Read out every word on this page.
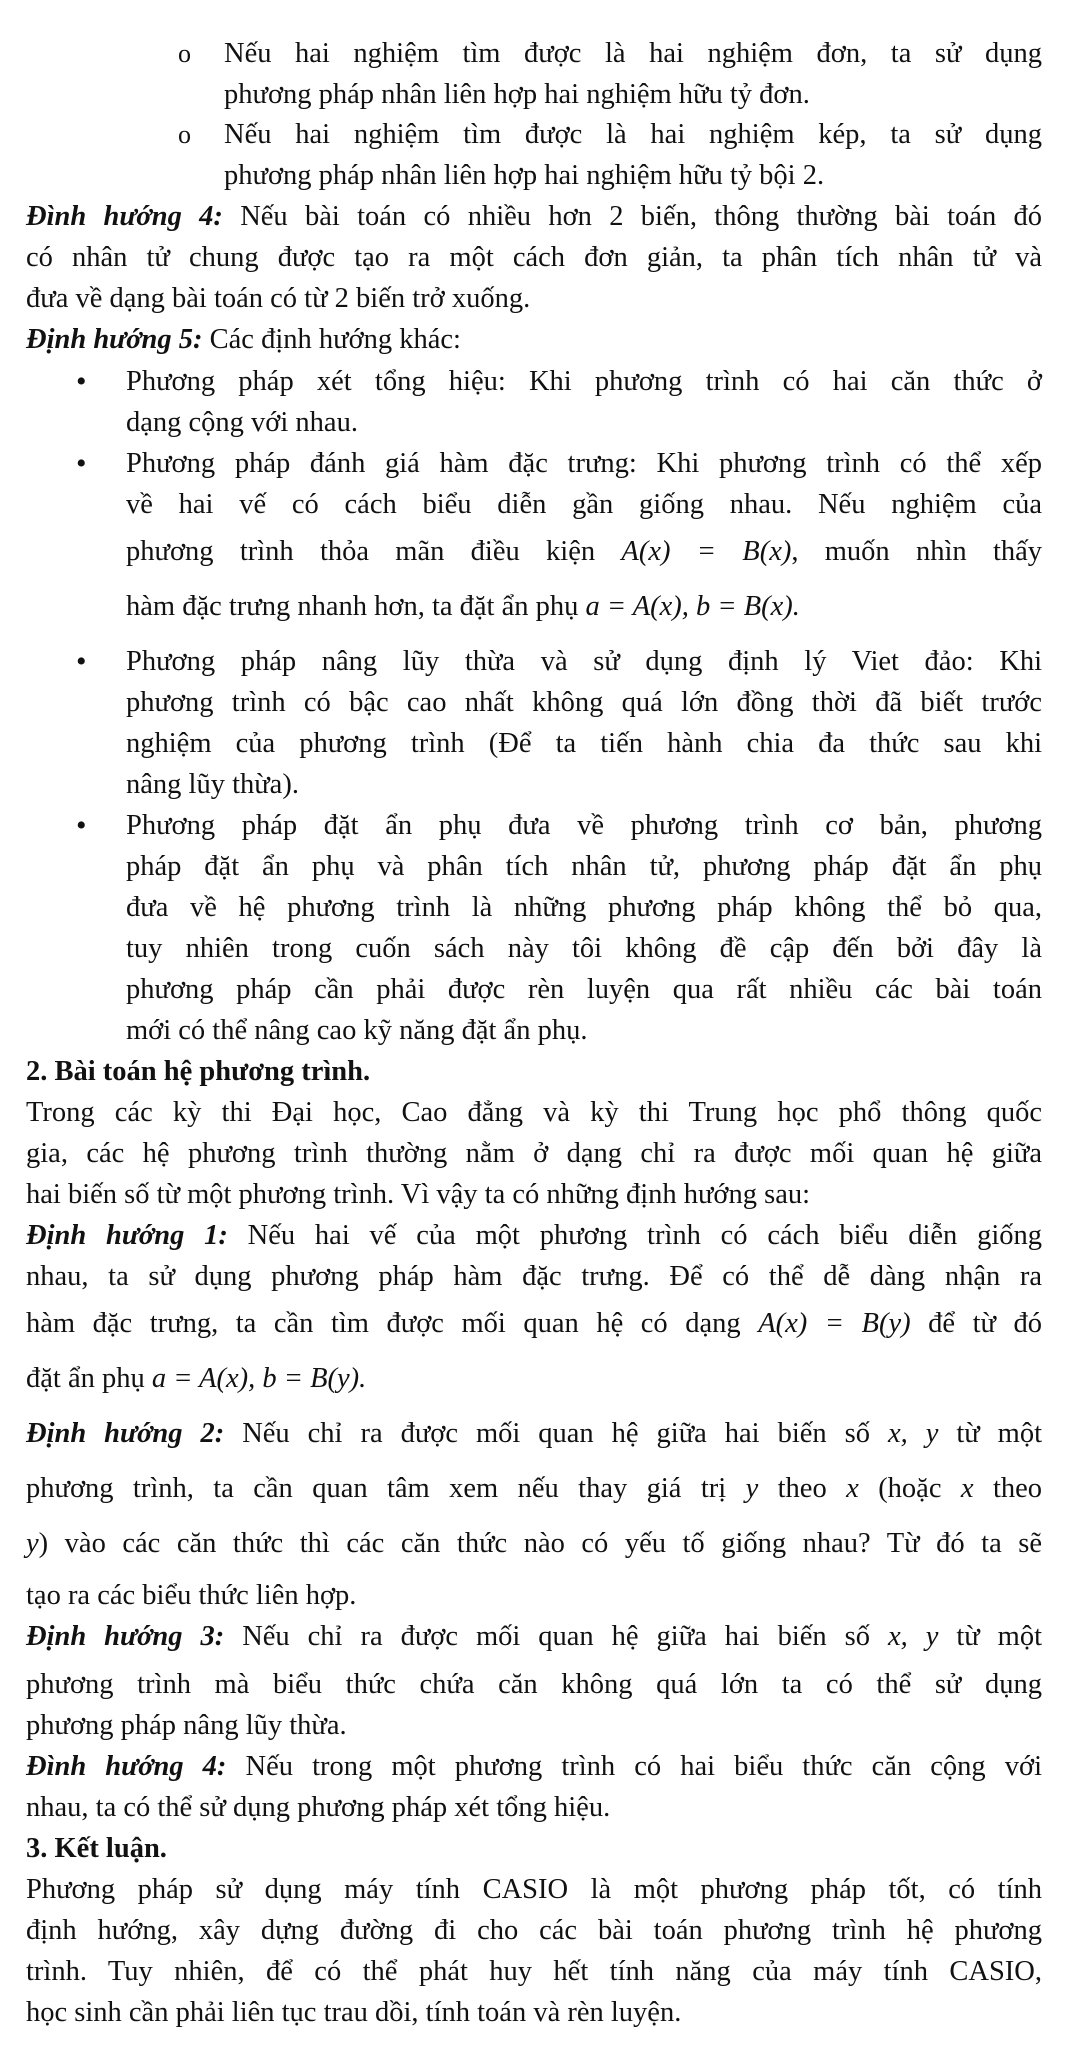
o Nếu hai nghiệm tìm được là hai nghiệm đơn, ta sử dụng
phương pháp nhân liên hợp hai nghiệm hữu tỷ đơn.
o Nếu hai nghiệm tìm được là hai nghiệm kép, ta sử dụng
phương pháp nhân liên hợp hai nghiệm hữu tỷ bội 2.
Đình hướng 4: Nếu bài toán có nhiều hơn 2 biến, thông thường bài toán đó
có nhân tử chung được tạo ra một cách đơn giản, ta phân tích nhân tử và
đưa về dạng bài toán có từ 2 biến trở xuống.
Định hướng 5: Các định hướng khác:
• Phương pháp xét tổng hiệu: Khi phương trình có hai căn thức ở
dạng cộng với nhau.
• Phương pháp đánh giá hàm đặc trưng: Khi phương trình có thể xếp
về hai vế có cách biểu diễn gần giống nhau. Nếu nghiệm của
phương trình thỏa mãn điều kiện A(x) = B(x), muốn nhìn thấy
hàm đặc trưng nhanh hơn, ta đặt ẩn phụ a = A(x), b = B(x).
• Phương pháp nâng lũy thừa và sử dụng định lý Viet đảo: Khi
phương trình có bậc cao nhất không quá lớn đồng thời đã biết trước
nghiệm của phương trình (Để ta tiến hành chia đa thức sau khi
nâng lũy thừa).
• Phương pháp đặt ẩn phụ đưa về phương trình cơ bản, phương
pháp đặt ẩn phụ và phân tích nhân tử, phương pháp đặt ẩn phụ
đưa về hệ phương trình là những phương pháp không thể bỏ qua,
tuy nhiên trong cuốn sách này tôi không đề cập đến bởi đây là
phương pháp cần phải được rèn luyện qua rất nhiều các bài toán
mới có thể nâng cao kỹ năng đặt ẩn phụ.
2. Bài toán hệ phương trình.
Trong các kỳ thi Đại học, Cao đẳng và kỳ thi Trung học phổ thông quốc
gia, các hệ phương trình thường nằm ở dạng chỉ ra được mối quan hệ giữa
hai biến số từ một phương trình. Vì vậy ta có những định hướng sau:
Định hướng 1: Nếu hai vế của một phương trình có cách biểu diễn giống
nhau, ta sử dụng phương pháp hàm đặc trưng. Để có thể dễ dàng nhận ra
hàm đặc trưng, ta cần tìm được mối quan hệ có dạng A(x) = B(y) để từ đó
đặt ẩn phụ a = A(x), b = B(y).
Định hướng 2: Nếu chỉ ra được mối quan hệ giữa hai biến số x, y từ một
phương trình, ta cần quan tâm xem nếu thay giá trị y theo x (hoặc x theo
y) vào các căn thức thì các căn thức nào có yếu tố giống nhau? Từ đó ta sẽ
tạo ra các biểu thức liên hợp.
Định hướng 3: Nếu chỉ ra được mối quan hệ giữa hai biến số x, y từ một
phương trình mà biểu thức chứa căn không quá lớn ta có thể sử dụng
phương pháp nâng lũy thừa.
Đình hướng 4: Nếu trong một phương trình có hai biểu thức căn cộng với
nhau, ta có thể sử dụng phương pháp xét tổng hiệu.
3. Kết luận.
Phương pháp sử dụng máy tính CASIO là một phương pháp tốt, có tính
định hướng, xây dựng đường đi cho các bài toán phương trình hệ phương
trình. Tuy nhiên, để có thể phát huy hết tính năng của máy tính CASIO,
học sinh cần phải liên tục trau dồi, tính toán và rèn luyện.
